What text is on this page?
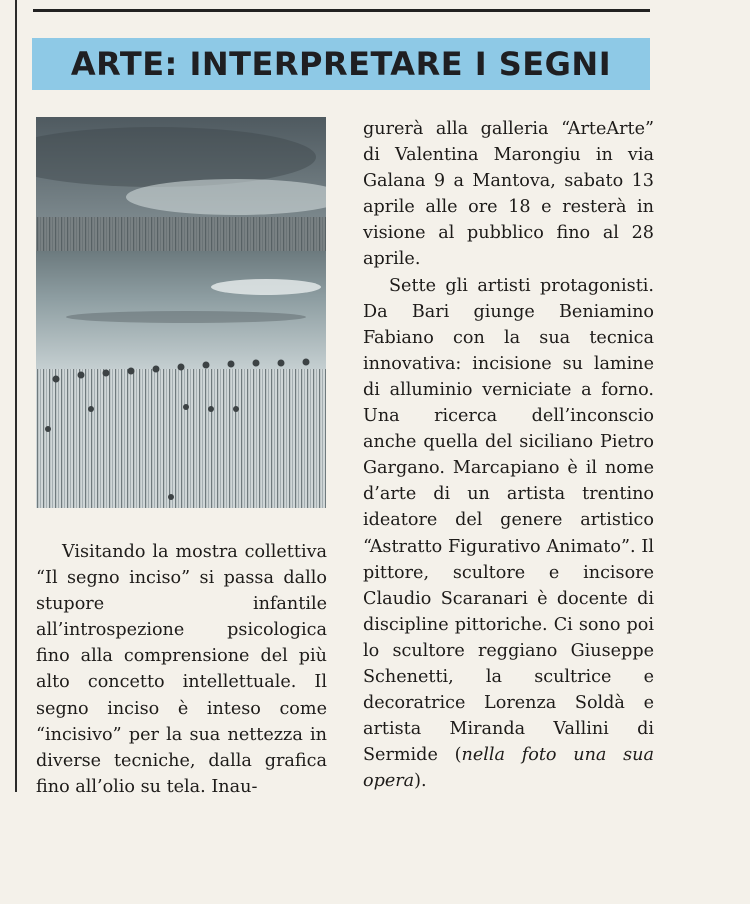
ARTE: INTERPRETARE I SEGNI

Visitando la mostra collettiva “Il segno inciso” si passa dallo stupore infantile all’introspezione psicologica fino alla comprensione del più alto concetto intellettuale. Il segno inciso è inteso come “incisivo” per la sua nettezza in diverse tecniche, dalla grafica fino all’olio su tela. Inau-

gurerà alla galleria “ArteArte” di Valentina Marongiu in via Galana 9 a Mantova, sabato 13 aprile alle ore 18 e resterà in visione al pubblico fino al 28 aprile.

Sette gli artisti protagonisti. Da Bari giunge Beniamino Fabiano con la sua tecnica innovativa: incisione su lamine di alluminio verniciate a forno. Una ricerca dell’inconscio anche quella del siciliano Pietro Gargano. Marcapiano è il nome d’arte di un artista trentino ideatore del genere artistico “Astratto Figurativo Animato”. Il pittore, scultore e incisore Claudio Scaranari è docente di discipline pittoriche. Ci sono poi lo scultore reggiano Giuseppe Schenetti, la scultrice e decoratrice Lorenza Soldà e artista Miranda Vallini di Sermide (nella foto una sua opera).
